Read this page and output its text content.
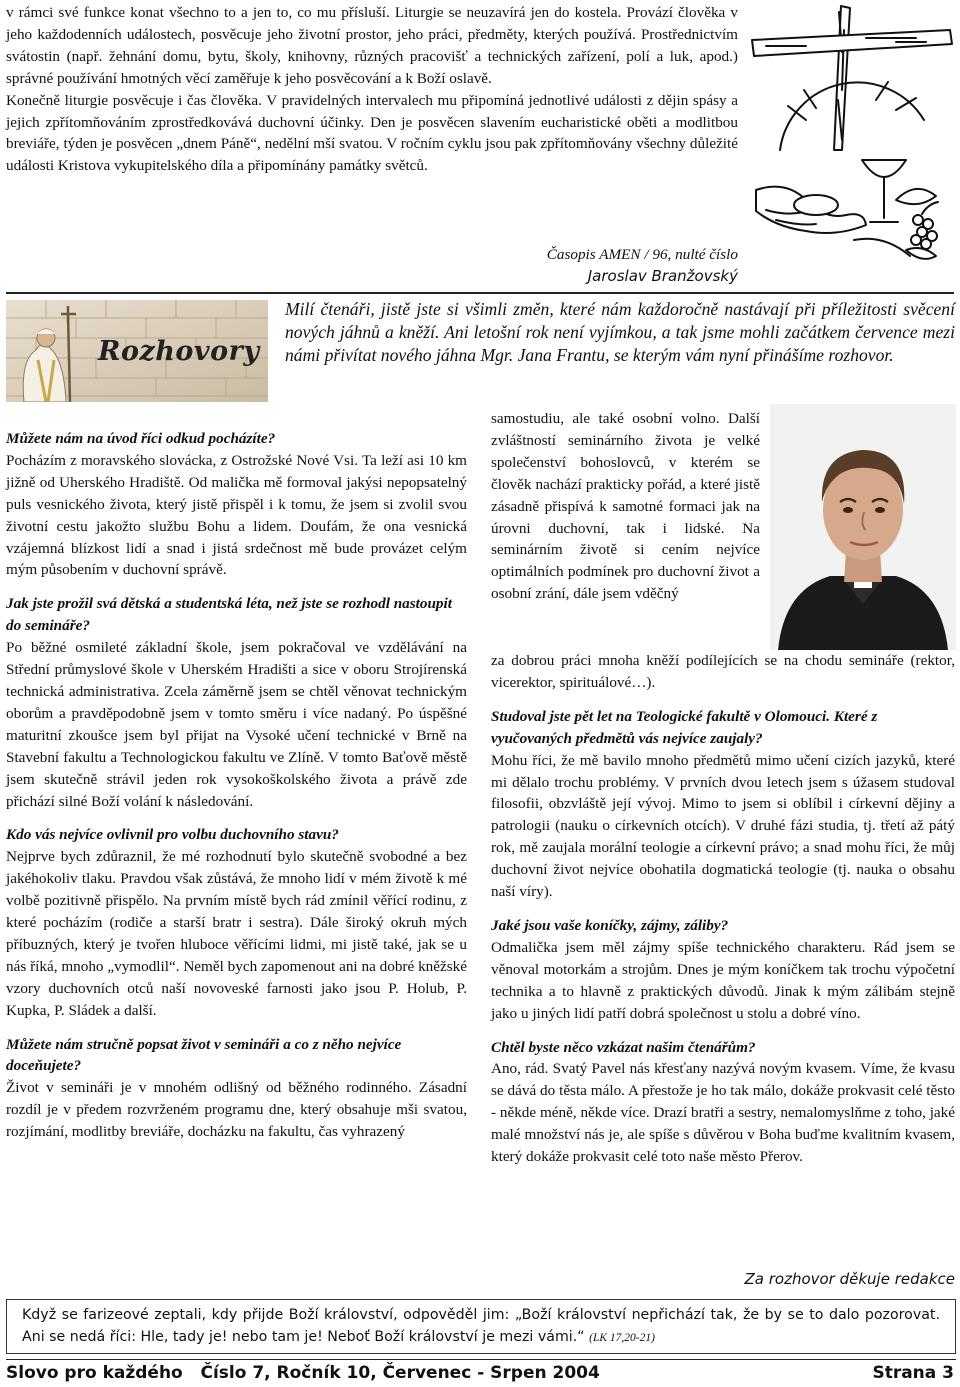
v rámci své funkce konat všechno to a jen to, co mu přísluší. Liturgie se neuzavírá jen do kostela. Provází člověka v jeho každodenních událostech, posvěcuje jeho životní prostor, jeho práci, předměty, kterých používá. Prostřednictvím svátostin (např. žehnání domu, bytu, školy, knihovny, různých pracovišť a technických zařízení, polí a luk, apod.) správné používání hmotných věcí zaměřuje k jeho posvěcování a k Boží oslavě.

Konečně liturgie posvěcuje i čas člověka. V pravidelných intervalech mu připomíná jednotlivé události z dějin spásy a jejich zpřítomňováním zprostředkovává duchovní účinky. Den je posvěcen slavením eucharistické oběti a modlitbou breviáře, týden je posvěcen „dnem Páně“, nedělní mší svatou. V ročním cyklu jsou pak zpřítomňovány všechny důležité události Kristova vykupitelského díla a připomínány památky světců.

Časopis AMEN / 96, nulté číslo
Jaroslav Branžovský
Rozhovory
Milí čtenáři, jistě jste si všimli změn, které nám každoročně nastávají při příležitosti svěcení nových jáhnů a kněží. Ani letošní rok není vyjímkou, a tak jsme mohli začátkem července mezi námi přivítat nového jáhna Mgr. Jana Frantu, se kterým vám nyní přinášíme rozhovor.

Můžete nám na úvod říci odkud pocházíte?

Pocházím z moravského slovácka, z Ostrožské Nové Vsi. Ta leží asi 10 km jižně od Uherského Hradiště. Od malička mě formoval jakýsi nepopsatelný puls vesnického života, který jistě přispěl i k tomu, že jsem si zvolil svou životní cestu jakožto službu Bohu a lidem. Doufám, že ona vesnická vzájemná blízkost lidí a snad i jistá srdečnost mě bude provázet celým mým působením v duchovní správě.

Jak jste prožil svá dětská a studentská léta, než jste se rozhodl nastoupit do semináře?

Po běžné osmileté základní škole, jsem pokračoval ve vzdělávání na Střední průmyslové škole v Uherském Hradišti a sice v oboru Strojírenská technická administrativa. Zcela záměrně jsem se chtěl věnovat technickým oborům a pravděpodobně jsem v tomto směru i více nadaný. Po úspěšné maturitní zkoušce jsem byl přijat na Vysoké učení technické v Brně na Stavební fakultu a Technologickou fakultu ve Zlíně. V tomto Baťově městě jsem skutečně strávil jeden rok vysokoškolského života a právě zde přichází silné Boží volání k následování.

Kdo vás nejvíce ovlivnil pro volbu duchovního stavu?

Nejprve bych zdůraznil, že mé rozhodnutí bylo skutečně svobodné a bez jakéhokoliv tlaku. Pravdou však zůstává, že mnoho lidí v mém životě k mé volbě pozitivně přispělo. Na prvním místě bych rád zmínil věřící rodinu, z které pocházím (rodiče a starší bratr i sestra). Dále široký okruh mých příbuzných, který je tvořen hluboce věřícími lidmi, mi jistě také, jak se u nás říká, mnoho „vymodlil“. Neměl bych zapomenout ani na dobré kněžské vzory duchovních otců naší novoveské farnosti jako jsou P. Holub, P. Kupka, P. Sládek a další.

Můžete nám stručně popsat život v semináři a co z něho nejvíce doceňujete?

Život v semináři je v mnohém odlišný od běžného rodinného. Zásadní rozdíl je v předem rozvrženém programu dne, který obsahuje mši svatou, rozjímání, modlitby breviáře, docházku na fakultu, čas vyhrazený

samostudiu, ale také osobní volno. Další zvláštností seminárního života je velké společenství bohoslovců, v kterém se člověk nachází prakticky pořád, a které jistě zásadně přispívá k samotné formaci jak na úrovni duchovní, tak i lidské. Na seminárním životě si cením nejvíce optimálních podmínek pro duchovní život a osobní zrání, dále jsem vděčný

za dobrou práci mnoha kněží podílejících se na chodu semináře (rektor, vicerektor, spirituálové…).

Studoval jste pět let na Teologické fakultě v Olomouci. Které z vyučovaných předmětů vás nejvíce zaujaly?

Mohu říci, že mě bavilo mnoho předmětů mimo učení cizích jazyků, které mi dělalo trochu problémy. V prvních dvou letech jsem s úžasem studoval filosofii, obzvláště její vývoj. Mimo to jsem si oblíbil i církevní dějiny a patrologii (nauku o církevních otcích). V druhé fázi studia, tj. třetí až pátý rok, mě zaujala morální teologie a církevní právo; a snad mohu říci, že můj duchovní život nejvíce obohatila dogmatická teologie (tj. nauka o obsahu naší víry).

Jaké jsou vaše koníčky, zájmy, záliby?

Odmalička jsem měl zájmy spíše technického charakteru. Rád jsem se věnoval motorkám a strojům. Dnes je mým koníčkem tak trochu výpočetní technika a to hlavně z praktických důvodů. Jinak k mým zálibám stejně jako u jiných lidí patří dobrá společnost u stolu a dobré víno.

Chtěl byste něco vzkázat našim čtenářům?

Ano, rád. Svatý Pavel nás křesťany nazývá novým kvasem. Víme, že kvasu se dává do těsta málo. A přestože je ho tak málo, dokáže prokvasit celé těsto - někde méně, někde více. Drazí bratři a sestry, nemalomyslňme z toho, jaké malé množství nás je, ale spíše s důvěrou v Boha buďme kvalitním kvasem, který dokáže prokvasit celé toto naše město Přerov.

Za rozhovor děkuje redakce
Když se farizeové zeptali, kdy přijde Boží království, odpověděl jim: „Boží království nepřichází tak, že by se to dalo pozorovat. Ani se nedá říci: Hle, tady je! nebo tam je! Neboť Boží království je mezi vámi.“ (LK 17,20-21)
Slovo pro každého   Číslo 7, Ročník 10, Červenec - Srpen 2004	Strana 3
